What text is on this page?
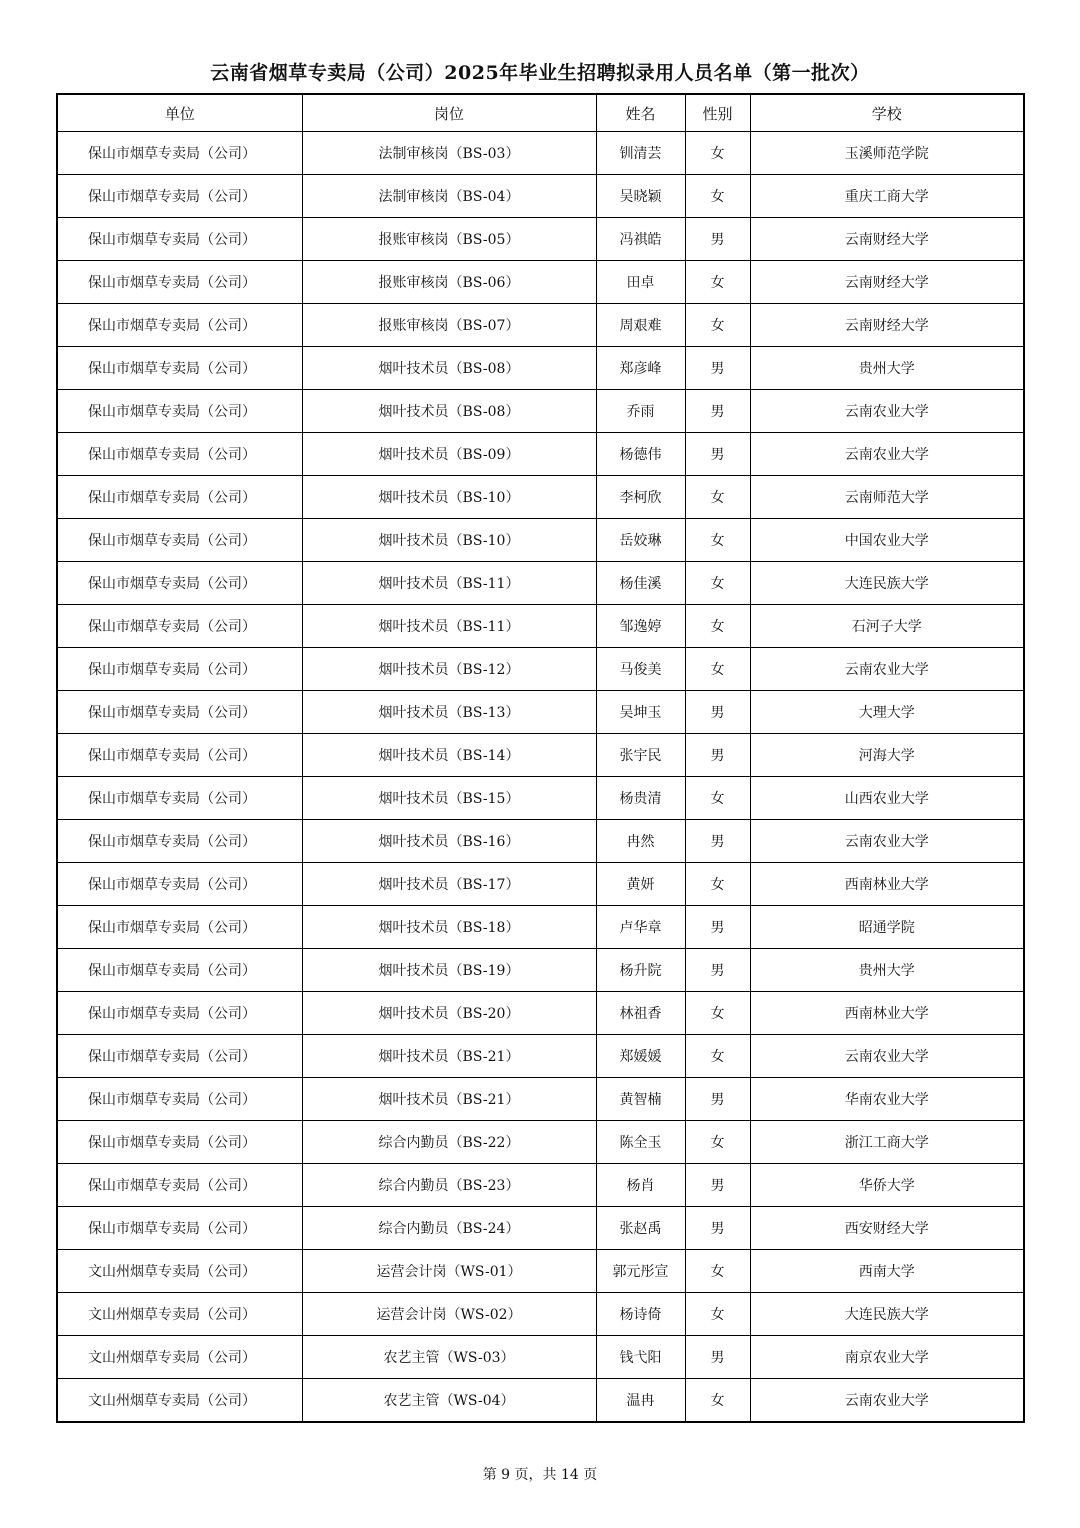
云南省烟草专卖局（公司）2025年毕业生招聘拟录用人员名单（第一批次）
单位	岗位	姓名	性别	学校
保山市烟草专卖局（公司）	法制审核岗（BS-03）	钏清芸	女	玉溪师范学院
保山市烟草专卖局（公司）	法制审核岗（BS-04）	吴晓颖	女	重庆工商大学
保山市烟草专卖局（公司）	报账审核岗（BS-05）	冯祺皓	男	云南财经大学
保山市烟草专卖局（公司）	报账审核岗（BS-06）	田卓	女	云南财经大学
保山市烟草专卖局（公司）	报账审核岗（BS-07）	周艰难	女	云南财经大学
保山市烟草专卖局（公司）	烟叶技术员（BS-08）	郑彦峰	男	贵州大学
保山市烟草专卖局（公司）	烟叶技术员（BS-08）	乔雨	男	云南农业大学
保山市烟草专卖局（公司）	烟叶技术员（BS-09）	杨德伟	男	云南农业大学
保山市烟草专卖局（公司）	烟叶技术员（BS-10）	李柯欣	女	云南师范大学
保山市烟草专卖局（公司）	烟叶技术员（BS-10）	岳姣琳	女	中国农业大学
保山市烟草专卖局（公司）	烟叶技术员（BS-11）	杨佳溪	女	大连民族大学
保山市烟草专卖局（公司）	烟叶技术员（BS-11）	邹逸婷	女	石河子大学
保山市烟草专卖局（公司）	烟叶技术员（BS-12）	马俊美	女	云南农业大学
保山市烟草专卖局（公司）	烟叶技术员（BS-13）	吴坤玉	男	大理大学
保山市烟草专卖局（公司）	烟叶技术员（BS-14）	张宇民	男	河海大学
保山市烟草专卖局（公司）	烟叶技术员（BS-15）	杨贵清	女	山西农业大学
保山市烟草专卖局（公司）	烟叶技术员（BS-16）	冉然	男	云南农业大学
保山市烟草专卖局（公司）	烟叶技术员（BS-17）	黄妍	女	西南林业大学
保山市烟草专卖局（公司）	烟叶技术员（BS-18）	卢华章	男	昭通学院
保山市烟草专卖局（公司）	烟叶技术员（BS-19）	杨升院	男	贵州大学
保山市烟草专卖局（公司）	烟叶技术员（BS-20）	林祖香	女	西南林业大学
保山市烟草专卖局（公司）	烟叶技术员（BS-21）	郑媛媛	女	云南农业大学
保山市烟草专卖局（公司）	烟叶技术员（BS-21）	黄智楠	男	华南农业大学
保山市烟草专卖局（公司）	综合内勤员（BS-22）	陈全玉	女	浙江工商大学
保山市烟草专卖局（公司）	综合内勤员（BS-23）	杨肖	男	华侨大学
保山市烟草专卖局（公司）	综合内勤员（BS-24）	张赵禹	男	西安财经大学
文山州烟草专卖局（公司）	运营会计岗（WS-01）	郭元彤宣	女	西南大学
文山州烟草专卖局（公司）	运营会计岗（WS-02）	杨诗倚	女	大连民族大学
文山州烟草专卖局（公司）	农艺主管（WS-03）	钱弋阳	男	南京农业大学
文山州烟草专卖局（公司）	农艺主管（WS-04）	温冉	女	云南农业大学
第 9 页，共 14 页
